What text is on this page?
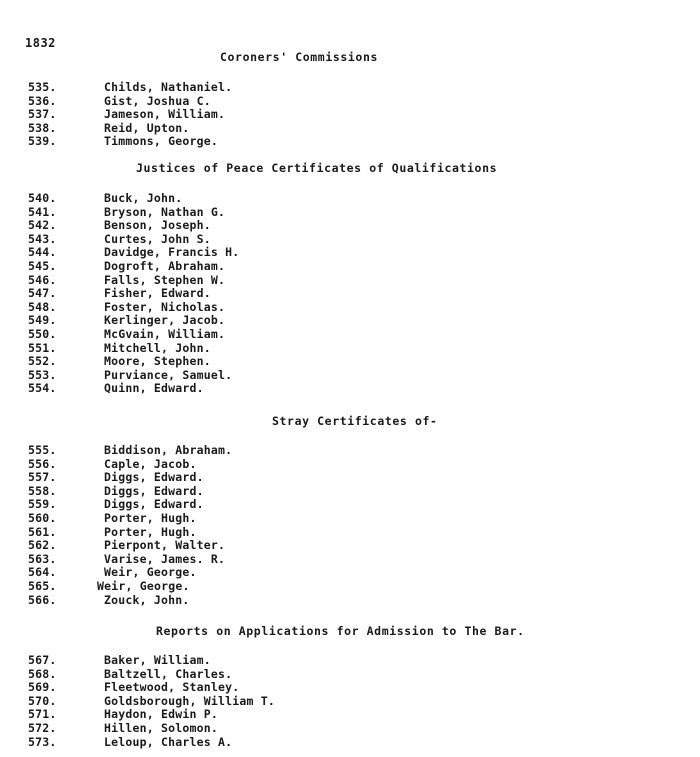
1832
Coroners' Commissions
535.	Childs, Nathaniel.
536.	Gist, Joshua C.
537.	Jameson, William.
538.	Reid, Upton.
539.	Timmons, George.
Justices of Peace Certificates of Qualifications
540.	Buck, John.
541.	Bryson, Nathan G.
542.	Benson, Joseph.
543.	Curtes, John S.
544.	Davidge, Francis H.
545.	Dogroft, Abraham.
546.	Falls, Stephen W.
547.	Fisher, Edward.
548.	Foster, Nicholas.
549.	Kerlinger, Jacob.
550.	McGvain, William.
551.	Mitchell, John.
552.	Moore, Stephen.
553.	Purviance, Samuel.
554.	Quinn, Edward.
Stray Certificates of-
555.	Biddison, Abraham.
556.	Caple, Jacob.
557.	Diggs, Edward.
558.	Diggs, Edward.
559.	Diggs, Edward.
560.	Porter, Hugh.
561.	Porter, Hugh.
562.	Pierpont, Walter.
563.	Varise, James. R.
564.	Weir, George.
565.	Weir, George.
566.	Zouck, John.
Reports on Applications for Admission to The Bar.
567.	Baker, William.
568.	Baltzell, Charles.
569.	Fleetwood, Stanley.
570.	Goldsborough, William T.
571.	Haydon, Edwin P.
572.	Hillen, Solomon.
573.	Leloup, Charles A.
